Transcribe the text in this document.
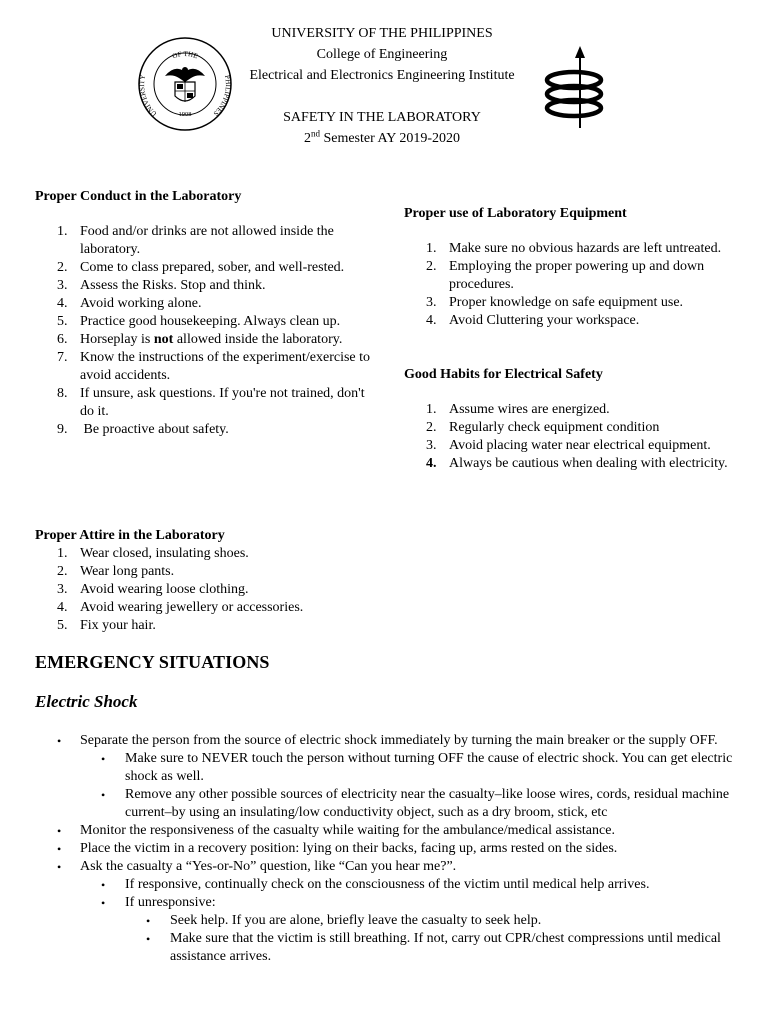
OF THE
UNIVERSITY	PHILIPPINES
1908
UNIVERSITY OF THE PHILIPPINES
College of Engineering
Electrical and Electronics Engineering Institute
SAFETY IN THE LABORATORY
2nd Semester AY 2019-2020
Proper Conduct in the Laboratory
1. Food and/or drinks are not allowed inside the laboratory.
2. Come to class prepared, sober, and well-rested.
3. Assess the Risks. Stop and think.
4. Avoid working alone.
5. Practice good housekeeping. Always clean up.
6. Horseplay is not allowed inside the laboratory.
7. Know the instructions of the experiment/exercise to avoid accidents.
8. If unsure, ask questions. If you're not trained, don't do it.
9. Be proactive about safety.
Proper use of Laboratory Equipment
1. Make sure no obvious hazards are left untreated.
2. Employing the proper powering up and down procedures.
3. Proper knowledge on safe equipment use.
4. Avoid Cluttering your workspace.
Good Habits for Electrical Safety
1. Assume wires are energized.
2. Regularly check equipment condition
3. Avoid placing water near electrical equipment.
4. Always be cautious when dealing with electricity.
Proper Attire in the Laboratory
1. Wear closed, insulating shoes.
2. Wear long pants.
3. Avoid wearing loose clothing.
4. Avoid wearing jewellery or accessories.
5. Fix your hair.
EMERGENCY SITUATIONS
Electric Shock
• Separate the person from the source of electric shock immediately by turning the main breaker or the supply OFF.
• Make sure to NEVER touch the person without turning OFF the cause of electric shock. You can get electric shock as well.
• Remove any other possible sources of electricity near the casualty–like loose wires, cords, residual machine current–by using an insulating/low conductivity object, such as a dry broom, stick, etc
• Monitor the responsiveness of the casualty while waiting for the ambulance/medical assistance.
• Place the victim in a recovery position: lying on their backs, facing up, arms rested on the sides.
• Ask the casualty a “Yes-or-No” question, like “Can you hear me?”.
• If responsive, continually check on the consciousness of the victim until medical help arrives.
• If unresponsive:
• Seek help. If you are alone, briefly leave the casualty to seek help.
• Make sure that the victim is still breathing. If not, carry out CPR/chest compressions until medical assistance arrives.
